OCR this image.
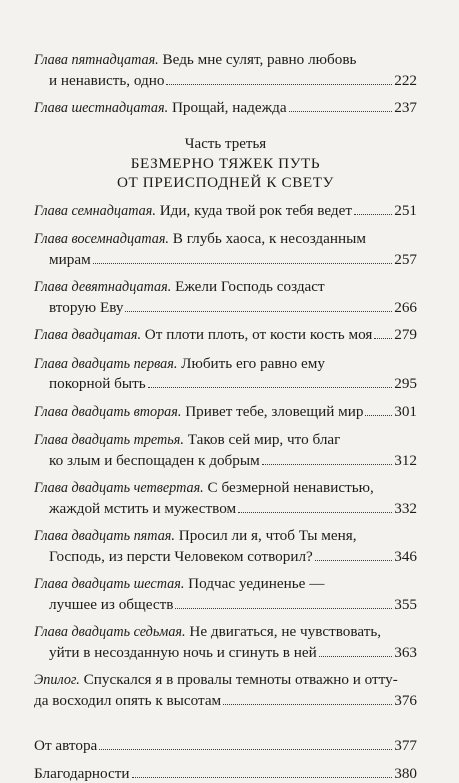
Глава пятнадцатая.
Ведь мне сулят, равно любовь
и ненависть, одно	222
Глава шестнадцатая.
Прощай, надежда	237
Часть третья
БЕЗМЕРНО ТЯЖЕК ПУТЬ
ОТ ПРЕИСПОДНЕЙ К СВЕТУ
Глава семнадцатая.
Иди, куда твой рок тебя ведет	251
Глава восемнадцатая.
В глубь хаоса, к несозданным
мирам	257
Глава девятнадцатая.
Ежели Господь создаст
вторую Еву	266
Глава двадцатая.
От плоти плоть, от кости кость моя 279
Глава двадцать первая.
Любить его равно ему
покорной быть	295
Глава двадцать вторая.
Привет тебе, зловещий мир 301
Глава двадцать третья.
Таков сей мир, что благ
ко злым и беспощаден к добрым	312
Глава двадцать четвертая.
С безмерной ненавистью,
жаждой мстить и мужеством	332
Глава двадцать пятая.
Просил ли я, чтоб Ты меня,
Господь, из персти Человеком сотворил?	346
Глава двадцать шестая.
Подчас уединенье —
лучшее из обществ	355
Глава двадцать седьмая.
Не двигаться, не чувствовать,
уйти в несозданную ночь и сгинуть в ней	363
Эпилог.
Спускался я в провалы темноты отважно и отту-
да восходил опять к высотам	376
От автора	377
Благодарности	380
